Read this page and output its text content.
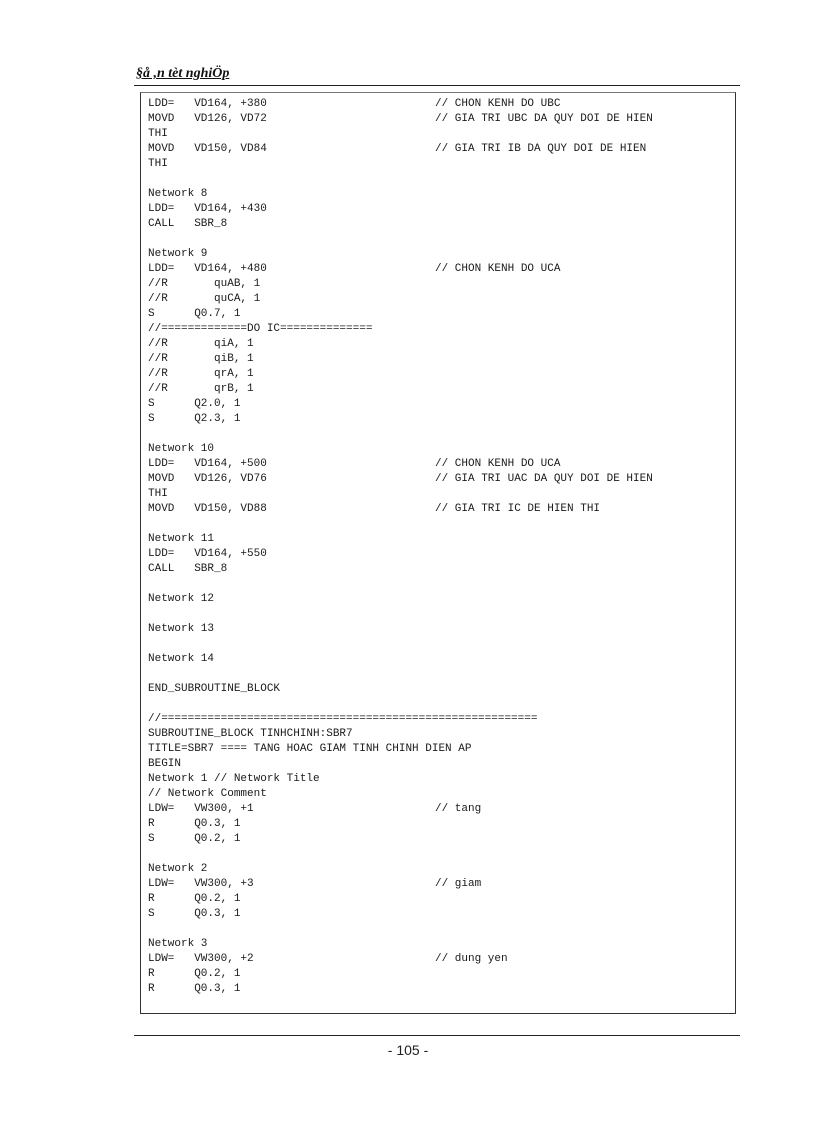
§å ,n tèt nghiÖp
LDD=   VD164, +380	// CHON KENH DO UBC
MOVD   VD126, VD72	// GIA TRI UBC DA QUY DOI DE HIEN
THI
MOVD   VD150, VD84	// GIA TRI IB DA QUY DOI DE HIEN
THI
Network 8
LDD=   VD164, +430
CALL   SBR_8
Network 9
LDD=   VD164, +480	// CHON KENH DO UCA
//R       quAB, 1
//R       quCA, 1
S      Q0.7, 1
//=============DO IC==============
//R       qiA, 1
//R       qiB, 1
//R       qrA, 1
//R       qrB, 1
S      Q2.0, 1
S      Q2.3, 1
Network 10
LDD=   VD164, +500	// CHON KENH DO UCA
MOVD   VD126, VD76	// GIA TRI UAC DA QUY DOI DE HIEN
THI
MOVD   VD150, VD88	// GIA TRI IC DE HIEN THI
Network 11
LDD=   VD164, +550
CALL   SBR_8
Network 12
Network 13
Network 14
END_SUBROUTINE_BLOCK
//=========================================================
SUBROUTINE_BLOCK TINHCHINH:SBR7
TITLE=SBR7 ==== TANG HOAC GIAM TINH CHINH DIEN AP
BEGIN
Network 1 // Network Title
// Network Comment
LDW=   VW300, +1	// tang
R      Q0.3, 1
S      Q0.2, 1
Network 2
LDW=   VW300, +3	// giam
R      Q0.2, 1
S      Q0.3, 1
Network 3
LDW=   VW300, +2	// dung yen
R      Q0.2, 1
R      Q0.3, 1
- 105 -
